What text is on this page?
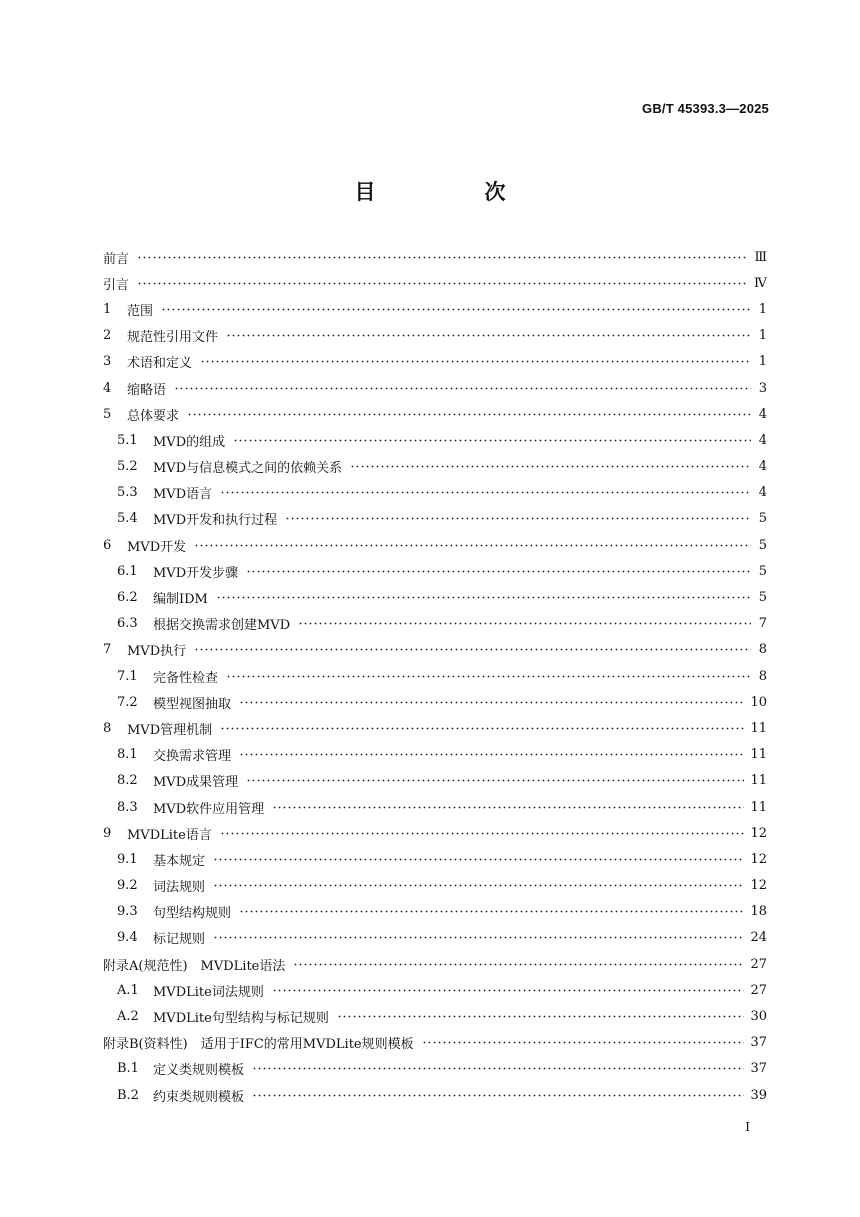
GB/T 45393.3—2025
目　次
前言	Ⅲ
引言	Ⅳ
1	范围	1
2	规范性引用文件	1
3	术语和定义	1
4	缩略语	3
5	总体要求	4
5.1	MVD的组成	4
5.2	MVD与信息模式之间的依赖关系	4
5.3	MVD语言	4
5.4	MVD开发和执行过程	5
6	MVD开发	5
6.1	MVD开发步骤	5
6.2	编制IDM	5
6.3	根据交换需求创建MVD	7
7	MVD执行	8
7.1	完备性检查	8
7.2	模型视图抽取	10
8	MVD管理机制	11
8.1	交换需求管理	11
8.2	MVD成果管理	11
8.3	MVD软件应用管理	11
9	MVDLite语言	12
9.1	基本规定	12
9.2	词法规则	12
9.3	句型结构规则	18
9.4	标记规则	24
附录A(规范性)　MVDLite语法	27
A.1	MVDLite词法规则	27
A.2	MVDLite句型结构与标记规则	30
附录B(资料性)　适用于IFC的常用MVDLite规则模板	37
B.1	定义类规则模板	37
B.2	约束类规则模板	39
Ⅰ
